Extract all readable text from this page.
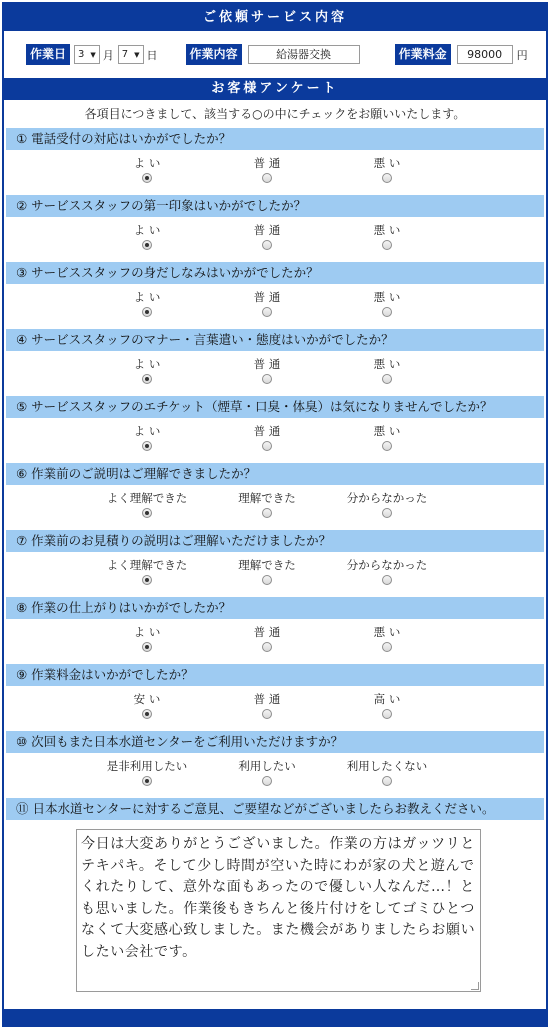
ご依頼サービス内容
作業日	3 ▼ 月 7 ▼ 日	作業内容	給湯器交換	作業料金	98000	円
お客様アンケート
各項目につきまして、該当する○の中にチェックをお願いいたします。
① 電話受付の対応はいかがでしたか？
よ い	普 通	悪 い
② サービススタッフの第一印象はいかがでしたか？
よ い	普 通	悪 い
③ サービススタッフの身だしなみはいかがでしたか？
よ い	普 通	悪 い
④ サービススタッフのマナー・言葉遣い・態度はいかがでしたか？
よ い	普 通	悪 い
⑤ サービススタッフのエチケット（煙草・口臭・体臭）は気になりませんでしたか？
よ い	普 通	悪 い
⑥ 作業前のご説明はご理解できましたか？
よく理解できた	理解できた	分からなかった
⑦ 作業前のお見積りの説明はご理解いただけましたか？
よく理解できた	理解できた	分からなかった
⑧ 作業の仕上がりはいかがでしたか？
よ い	普 通	悪 い
⑨ 作業料金はいかがでしたか？
安 い	普 通	高 い
⑩ 次回もまた日本水道センターをご利用いただけますか？
是非利用したい	利用したい	利用したくない
⑪ 日本水道センターに対するご意見、ご要望などがございましたらお教えください。
今日は大変ありがとうございました。作業の方はガッツリとテキパキ。そして少し時間が空いた時にわが家の犬と遊んでくれたりして、意外な面もあったので優しい人なんだ…！とも思いました。作業後もきちんと後片付けをしてゴミひとつなくて大変感心致しました。また機会がありましたらお願いしたい会社です。
